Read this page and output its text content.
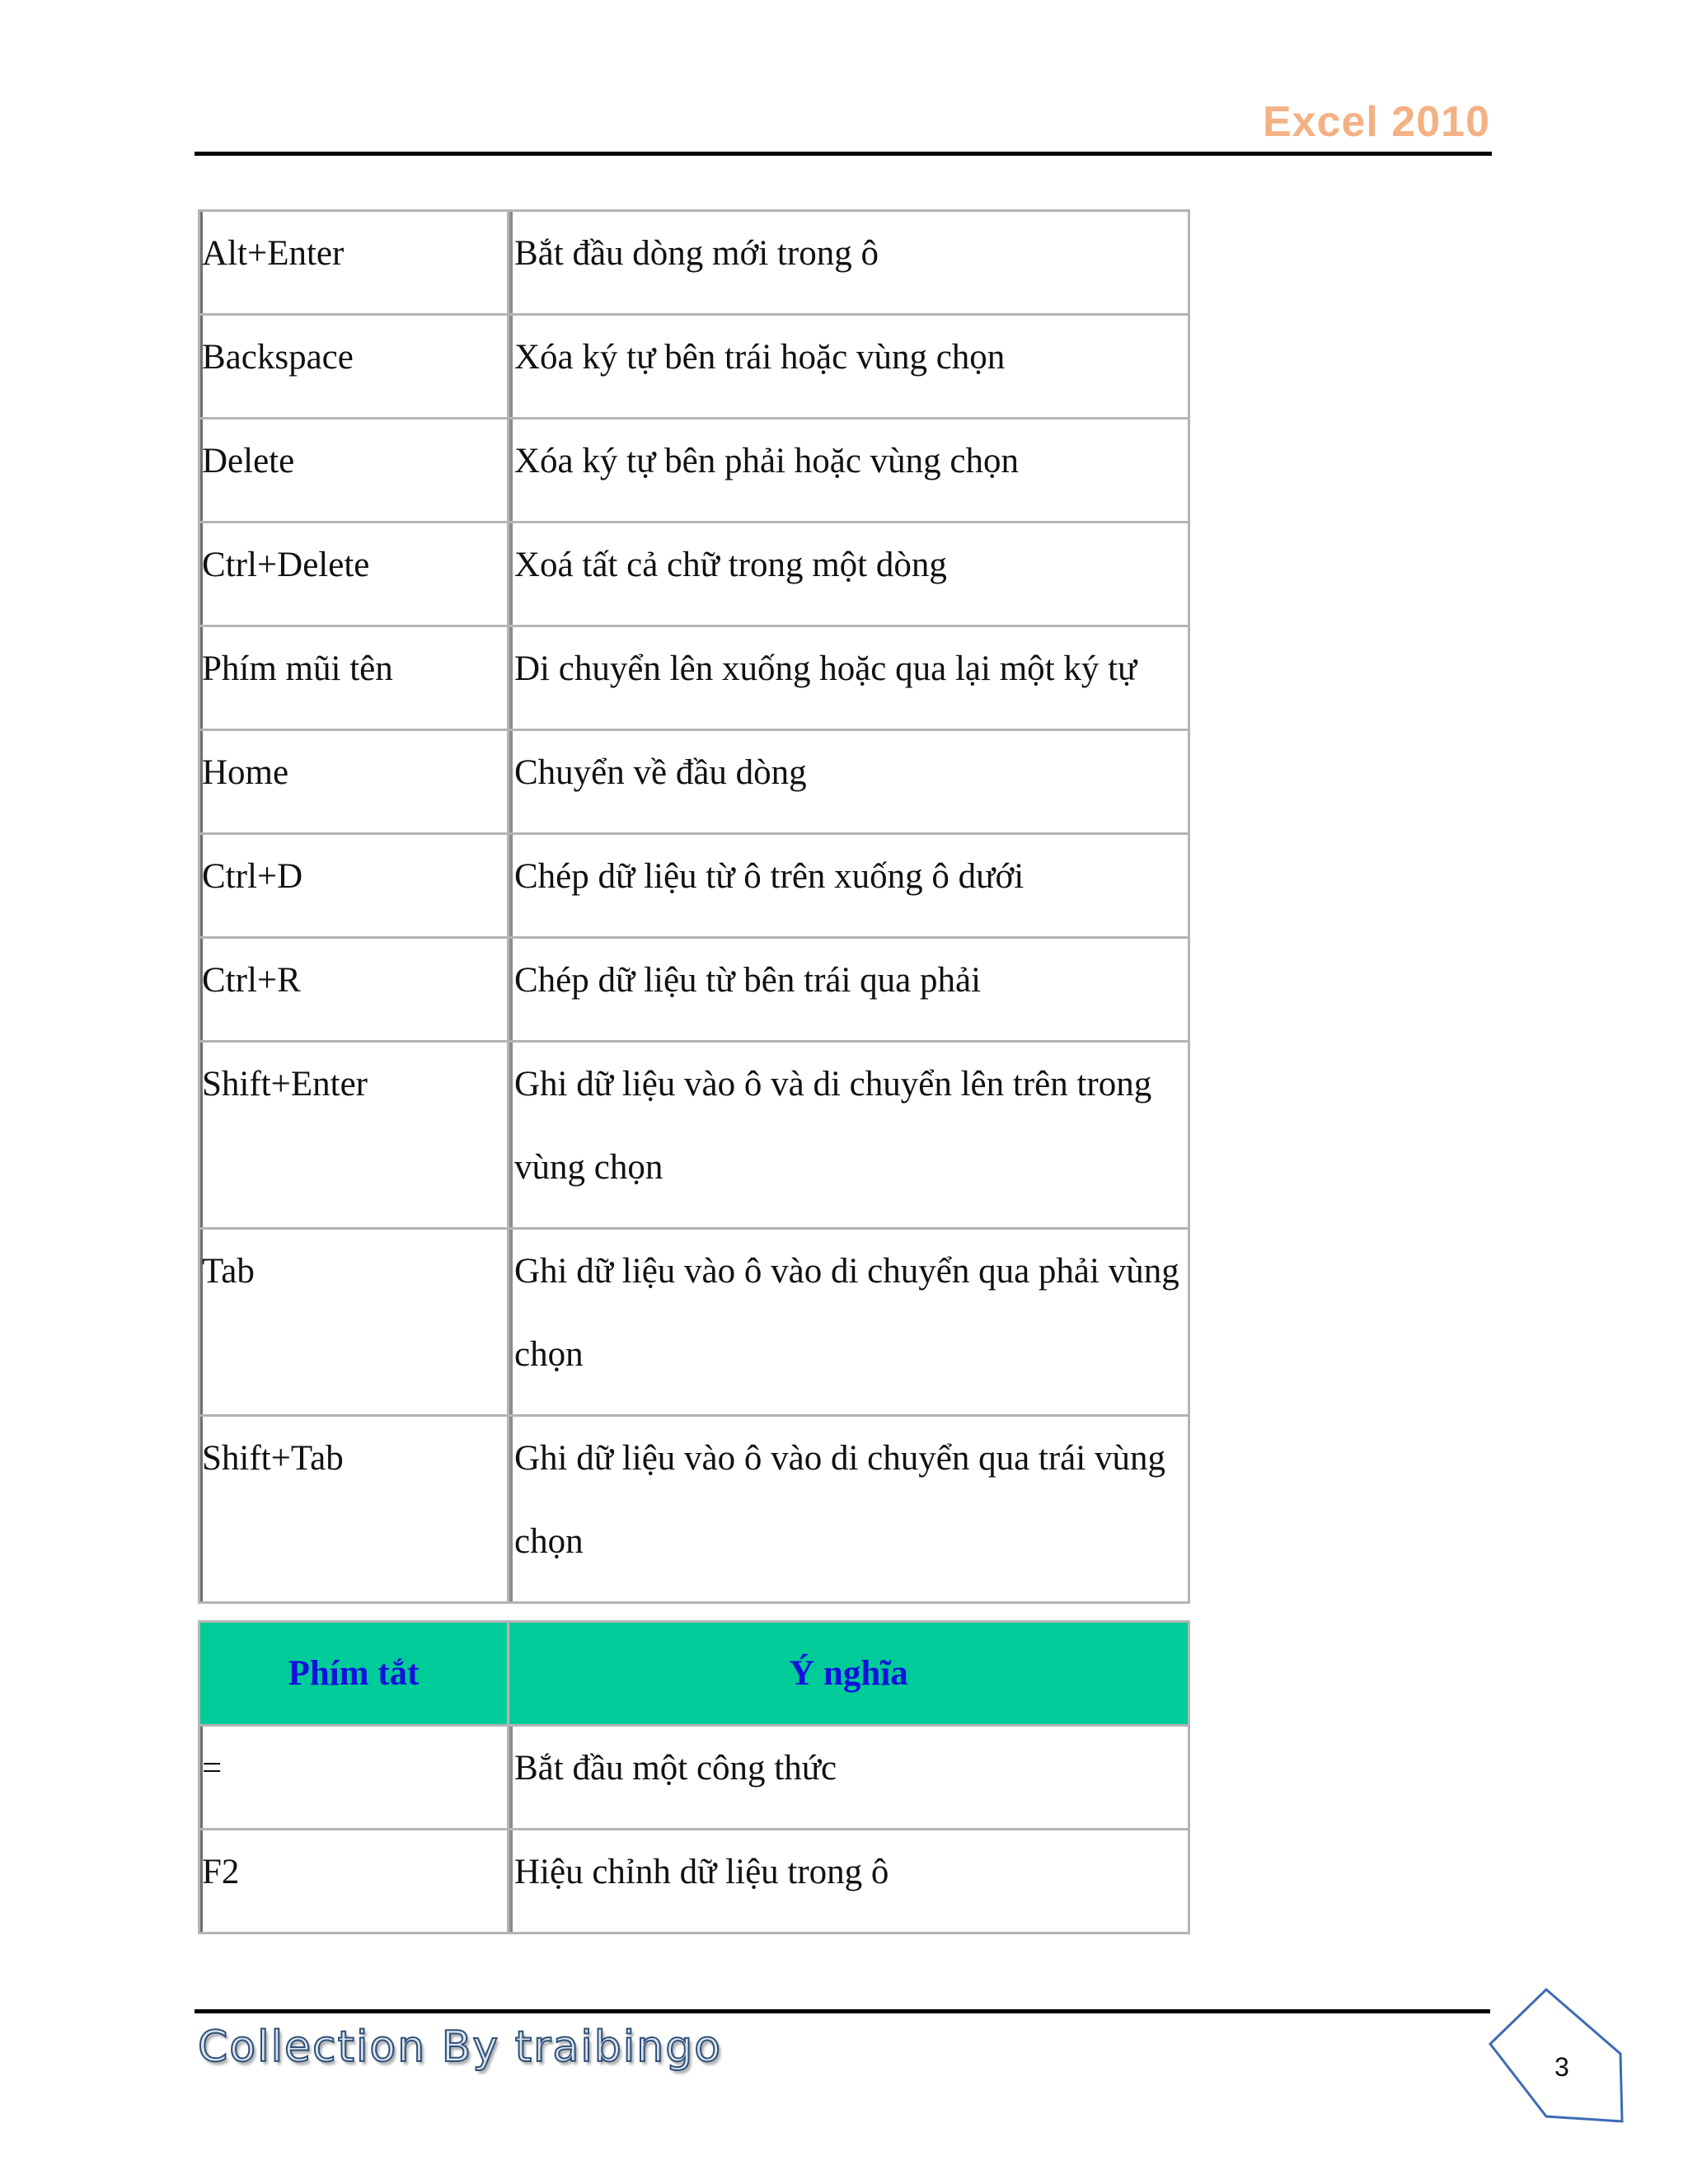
Excel 2010
Alt+Enter	Bắt đầu dòng mới trong ô

Backspace	Xóa ký tự bên trái hoặc vùng chọn

Delete	Xóa ký tự bên phải hoặc vùng chọn

Ctrl+Delete	Xoá tất cả chữ trong một dòng

Phím mũi tên	Di chuyển lên xuống hoặc qua lại một ký tự

Home	Chuyển về đầu dòng

Ctrl+D	Chép dữ liệu từ ô trên xuống ô dưới

Ctrl+R	Chép dữ liệu từ bên trái qua phải

Shift+Enter	Ghi dữ liệu vào ô và di chuyển lên trên trong vùng chọn

Tab	Ghi dữ liệu vào ô vào di chuyển qua phải vùng chọn

Shift+Tab	Ghi dữ liệu vào ô vào di chuyển qua trái vùng chọn
Phím tắt	Ý nghĩa

=	Bắt đầu một công thức

F2	Hiệu chỉnh dữ liệu trong ô
Collection By traibingo	3
